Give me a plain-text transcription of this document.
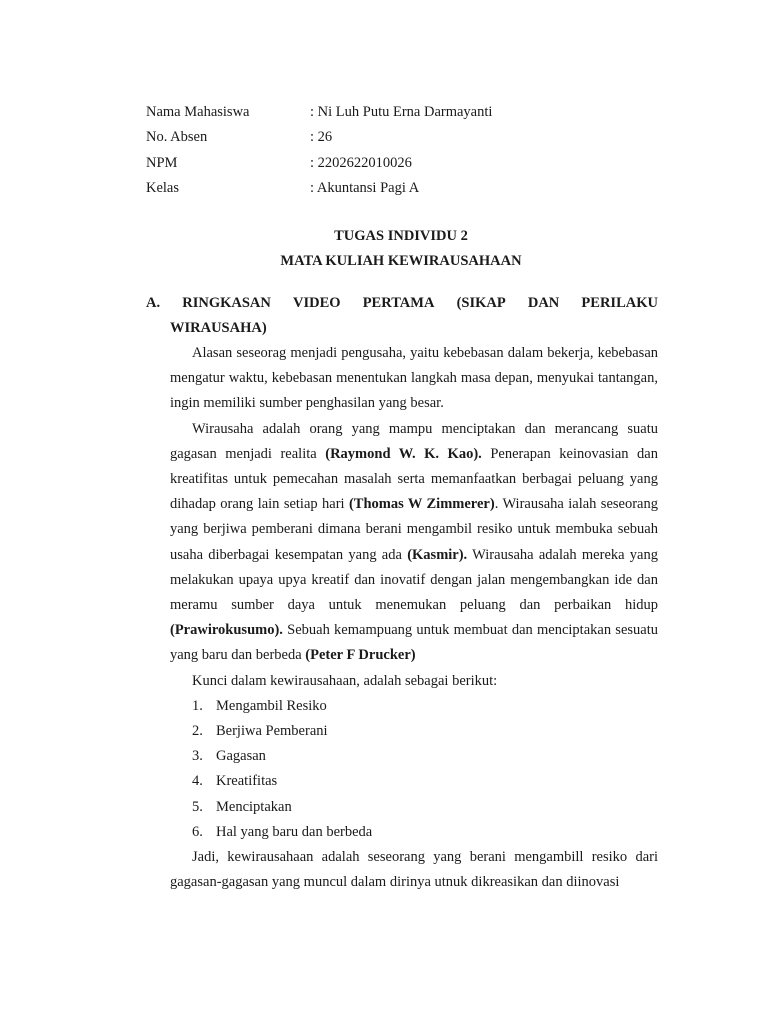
Nama Mahasiswa	: Ni Luh Putu Erna Darmayanti
No. Absen	: 26
NPM	: 2202622010026
Kelas	: Akuntansi Pagi A
TUGAS INDIVIDU 2
MATA KULIAH KEWIRAUSAHAAN
A. RINGKASAN VIDEO PERTAMA (SIKAP DAN PERILAKU
WIRAUSAHA)

Alasan seseorag menjadi pengusaha, yaitu kebebasan dalam bekerja, kebebasan mengatur waktu, kebebasan menentukan langkah masa depan, menyukai tantangan, ingin memiliki sumber penghasilan yang besar.

Wirausaha adalah orang yang mampu menciptakan dan merancang suatu gagasan menjadi realita (Raymond W. K. Kao). Penerapan keinovasian dan kreatifitas untuk pemecahan masalah serta memanfaatkan berbagai peluang yang dihadap orang lain setiap hari (Thomas W Zimmerer). Wirausaha ialah seseorang yang berjiwa pemberani dimana berani mengambil resiko untuk membuka sebuah usaha diberbagai kesempatan yang ada (Kasmir). Wirausaha adalah mereka yang melakukan upaya upya kreatif dan inovatif dengan jalan mengembangkan ide dan meramu sumber daya untuk menemukan peluang dan perbaikan hidup (Prawirokusumo). Sebuah kemampuang untuk membuat dan menciptakan sesuatu yang baru dan berbeda (Peter F Drucker)

Kunci dalam kewirausahaan, adalah sebagai berikut:

1. Mengambil Resiko
2. Berjiwa Pemberani
3. Gagasan
4. Kreatifitas
5. Menciptakan
6. Hal yang baru dan berbeda

Jadi, kewirausahaan adalah seseorang yang berani mengambill resiko dari gagasan-gagasan yang muncul dalam dirinya utnuk dikreasikan dan diinovasi
